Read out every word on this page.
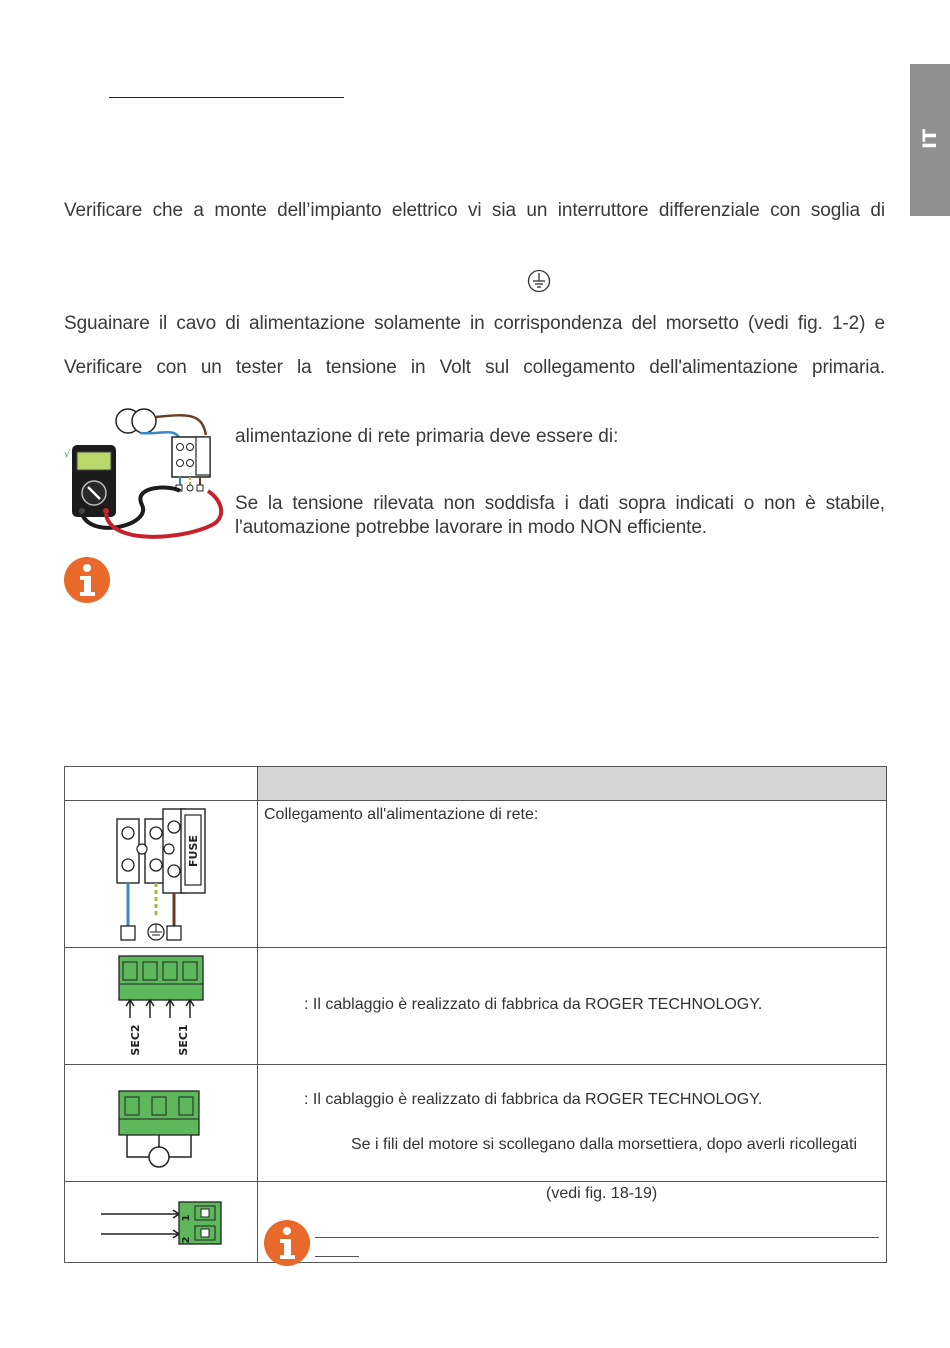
IT
Verificare che a monte dell’impianto elettrico vi sia un interruttore differenziale con soglia di
Sguainare il cavo di alimentazione solamente in corrispondenza del morsetto (vedi fig. 1-2) e
Verificare con un tester la tensione in Volt sul collegamento dell'alimentazione primaria.
√
alimentazione di rete primaria deve essere di:
Se la tensione rilevata non soddisfa i dati sopra indicati o non è stabile, l'automazione potrebbe lavorare in modo NON efficiente.

FUSE	Collegamento all'alimentazione di rete:

SEC2 SEC1	: Il cablaggio è realizzato di fabbrica da ROGER TECHNOLOGY.

: Il cablaggio è realizzato di fabbrica da ROGER TECHNOLOGY.
Se i fili del motore si scollegano dalla morsettiera, dopo averli ricollegati

1
2	(vedi fig. 18-19)
